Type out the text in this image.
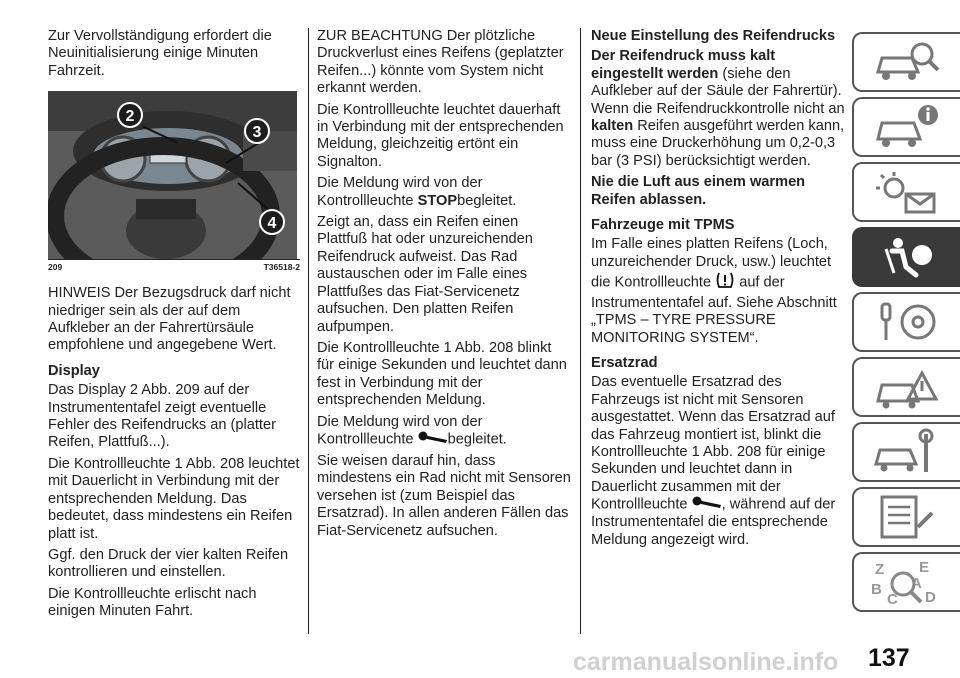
Zur Vervollständigung erfordert die Neuinitialisierung einige Minuten Fahrzeit.

2
3
4
209	T36518-2

HINWEIS Der Bezugsdruck darf nicht niedriger sein als der auf dem Aufkleber an der Fahrertürsäule empfohlene und angegebene Wert.

Display

Das Display 2 Abb. 209 auf der Instrumententafel zeigt eventuelle Fehler des Reifendrucks an (platter Reifen, Plattfuß...).

Die Kontrollleuchte 1 Abb. 208 leuchtet mit Dauerlicht in Verbindung mit der entsprechenden Meldung. Das bedeutet, dass mindestens ein Reifen platt ist.

Ggf. den Druck der vier kalten Reifen kontrollieren und einstellen.

Die Kontrollleuchte erlischt nach einigen Minuten Fahrt.

ZUR BEACHTUNG Der plötzliche Druckverlust eines Reifens (geplatzter Reifen...) könnte vom System nicht erkannt werden.

Die Kontrollleuchte leuchtet dauerhaft in Verbindung mit der entsprechenden Meldung, gleichzeitig ertönt ein Signalton.

Die Meldung wird von der Kontrollleuchte STOPbegleitet.

Zeigt an, dass ein Reifen einen Plattfuß hat oder unzureichenden Reifendruck aufweist. Das Rad austauschen oder im Falle eines Plattfußes das Fiat-Servicenetz aufsuchen. Den platten Reifen aufpumpen.

Die Kontrollleuchte 1 Abb. 208 blinkt für einige Sekunden und leuchtet dann fest in Verbindung mit der entsprechenden Meldung.

Die Meldung wird von der Kontrollleuchte begleitet.

Sie weisen darauf hin, dass mindestens ein Rad nicht mit Sensoren versehen ist (zum Beispiel das Ersatzrad). In allen anderen Fällen das Fiat-Servicenetz aufsuchen.

Neue Einstellung des Reifendrucks

Der Reifendruck muss kalt eingestellt werden (siehe den Aufkleber auf der Säule der Fahrertür). Wenn die Reifendruckkontrolle nicht an kalten Reifen ausgeführt werden kann, muss eine Druckerhöhung um 0,2-0,3 bar (3 PSI) berücksichtigt werden.

Nie die Luft aus einem warmen Reifen ablassen.

Fahrzeuge mit TPMS

Im Falle eines platten Reifens (Loch, unzureichender Druck, usw.) leuchtet die Kontrollleuchte auf der Instrumententafel auf. Siehe Abschnitt „TPMS – TYRE PRESSURE MONITORING SYSTEM“.

Ersatzrad

Das eventuelle Ersatzrad des Fahrzeugs ist nicht mit Sensoren ausgestattet. Wenn das Ersatzrad auf das Fahrzeug montiert ist, blinkt die Kontrollleuchte 1 Abb. 208 für einige Sekunden und leuchtet dann in Dauerlicht zusammen mit der Kontrollleuchte , während auf der Instrumententafel die entsprechende Meldung angezeigt wird.

Z E
A
B
C D
carmanualsonline.info 137
